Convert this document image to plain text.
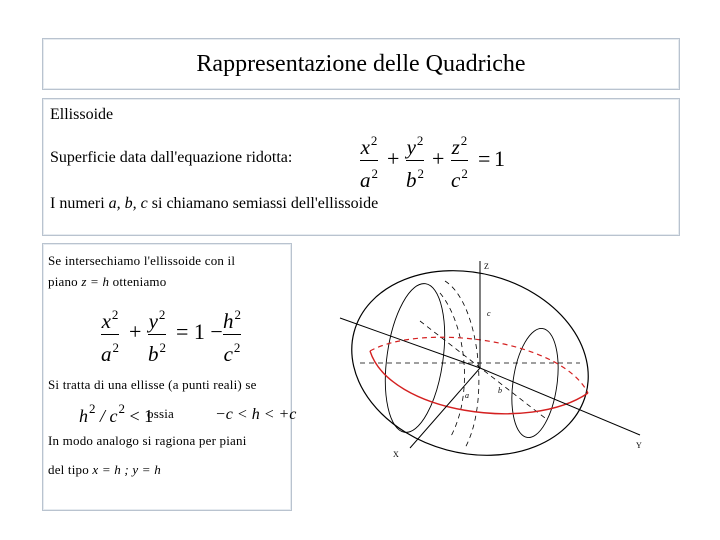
Rappresentazione delle Quadriche
Ellissoide
Superficie data dall'equazione ridotta:	$x^2$
$a^2$
+ $y^2$
$b^2$
+ $z^2$
$c^2$
= 1
I numeri a, b, c si chiamano semiassi dell'ellissoide
Se intersechiamo l'ellissoide con il
piano z = h otteniamo
$x^2$
$a^2$
+ $y^2$
$b^2$
= $1 - h^2$
$c^2$
Si tratta di una ellisse (a punti reali) se
$h^2 / c^2 < 1$
ossia	−c < h < +c
In modo analogo si ragiona per piani
del tipo x = h ; y = h
Z
X
Y
c
a
b
